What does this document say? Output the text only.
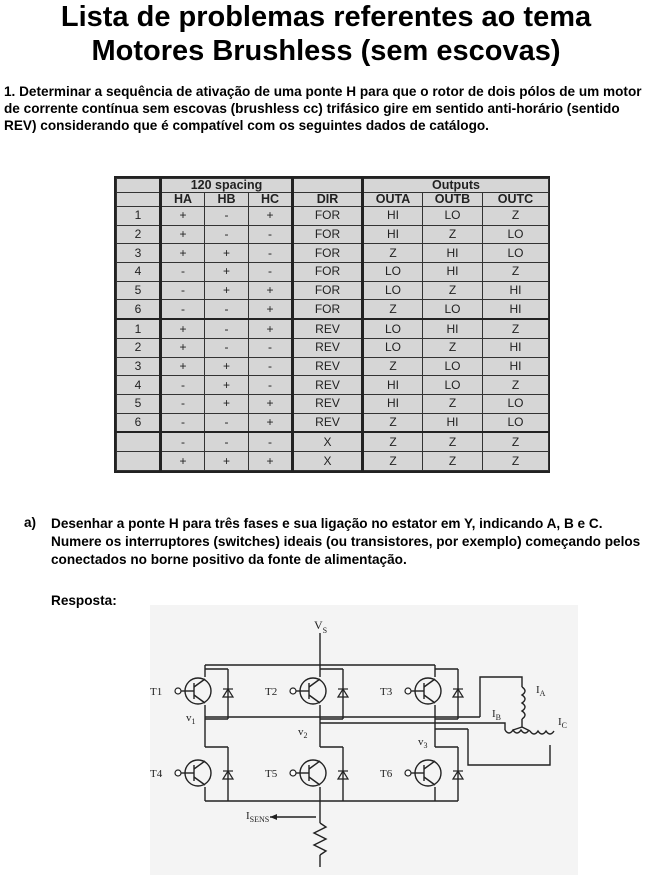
Lista de problemas referentes ao tema
Motores Brushless (sem escovas)
1. Determinar a sequência de ativação de uma ponte H para que o rotor de dois pólos de um motor de corrente contínua sem escovas (brushless cc) trifásico gire em sentido anti-horário (sentido REV) considerando que é compatível com os seguintes dados de catálogo.
	120 spacing				Outputs		
	HA	HB	HC	DIR	OUTA	OUTB	OUTC
1	+	-	+	FOR	HI	LO	Z
2	+	-	-	FOR	HI	Z	LO
3	+	+	-	FOR	Z	HI	LO
4	-	+	-	FOR	LO	HI	Z
5	-	+	+	FOR	LO	Z	HI
6	-	-	+	FOR	Z	LO	HI
1	+	-	+	REV	LO	HI	Z
2	+	-	-	REV	LO	Z	HI
3	+	+	-	REV	Z	LO	HI
4	-	+	-	REV	HI	LO	Z
5	-	+	+	REV	HI	Z	LO
6	-	-	+	REV	Z	HI	LO
	-	-	-	X	Z	Z	Z
	+	+	+	X	Z	Z	Z
a) Desenhar a ponte H para três fases e sua ligação no estator em Y, indicando A, B e C. Numere os interruptores (switches) ideais (ou transistores, por exemplo) começando pelos conectados no borne positivo da fonte de alimentação.
Resposta:
$V_S$
T1	T2	T3
T4	T5	T6
$v_1$
$v_2$
$v_3$
$I_A$
$I_B$	$I_C$
$I_{SENS}$
